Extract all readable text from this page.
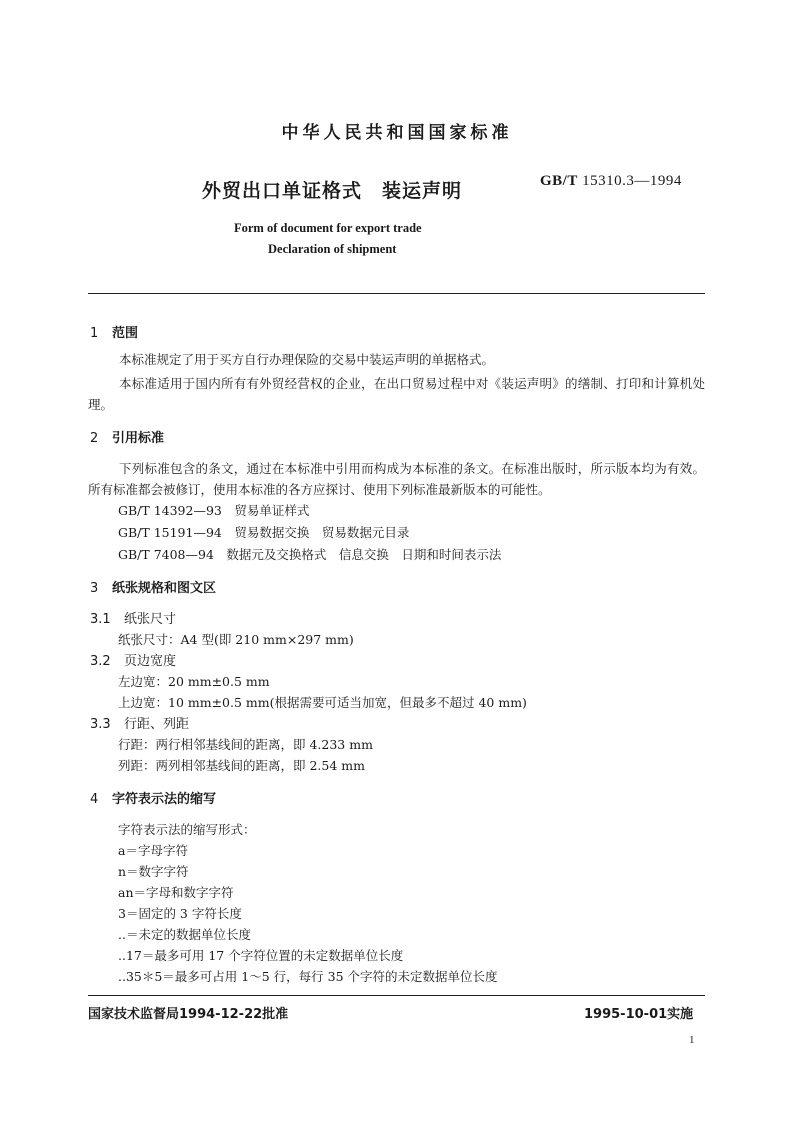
中华人民共和国国家标准
外贸出口单证格式　装运声明	GB/T 15310.3—1994
Form of document for export trade
Declaration of shipment
1 范围
本标准规定了用于买方自行办理保险的交易中装运声明的单据格式。
本标准适用于国内所有有外贸经营权的企业，在出口贸易过程中对《装运声明》的缮制、打印和计算机处理。
2 引用标准
下列标准包含的条文，通过在本标准中引用而构成为本标准的条文。在标准出版时，所示版本均为有效。所有标准都会被修订，使用本标准的各方应探讨、使用下列标准最新版本的可能性。
GB/T 14392—93　贸易单证样式
GB/T 15191—94　贸易数据交换　贸易数据元目录
GB/T 7408—94　数据元及交换格式　信息交换　日期和时间表示法
3 纸张规格和图文区
3.1 纸张尺寸
纸张尺寸：A4 型(即 210 mm×297 mm)
3.2 页边宽度
左边宽：20 mm±0.5 mm
上边宽：10 mm±0.5 mm(根据需要可适当加宽，但最多不超过 40 mm)
3.3 行距、列距
行距：两行相邻基线间的距离，即 4.233 mm
列距：两列相邻基线间的距离，即 2.54 mm
4 字符表示法的缩写
字符表示法的缩写形式：
a＝字母字符
n＝数字字符
an＝字母和数字字符
3＝固定的 3 字符长度
..＝未定的数据单位长度
..17＝最多可用 17 个字符位置的未定数据单位长度
..35＊5＝最多可占用 1～5 行，每行 35 个字符的未定数据单位长度
国家技术监督局1994-12-22批准	1995-10-01实施
1
